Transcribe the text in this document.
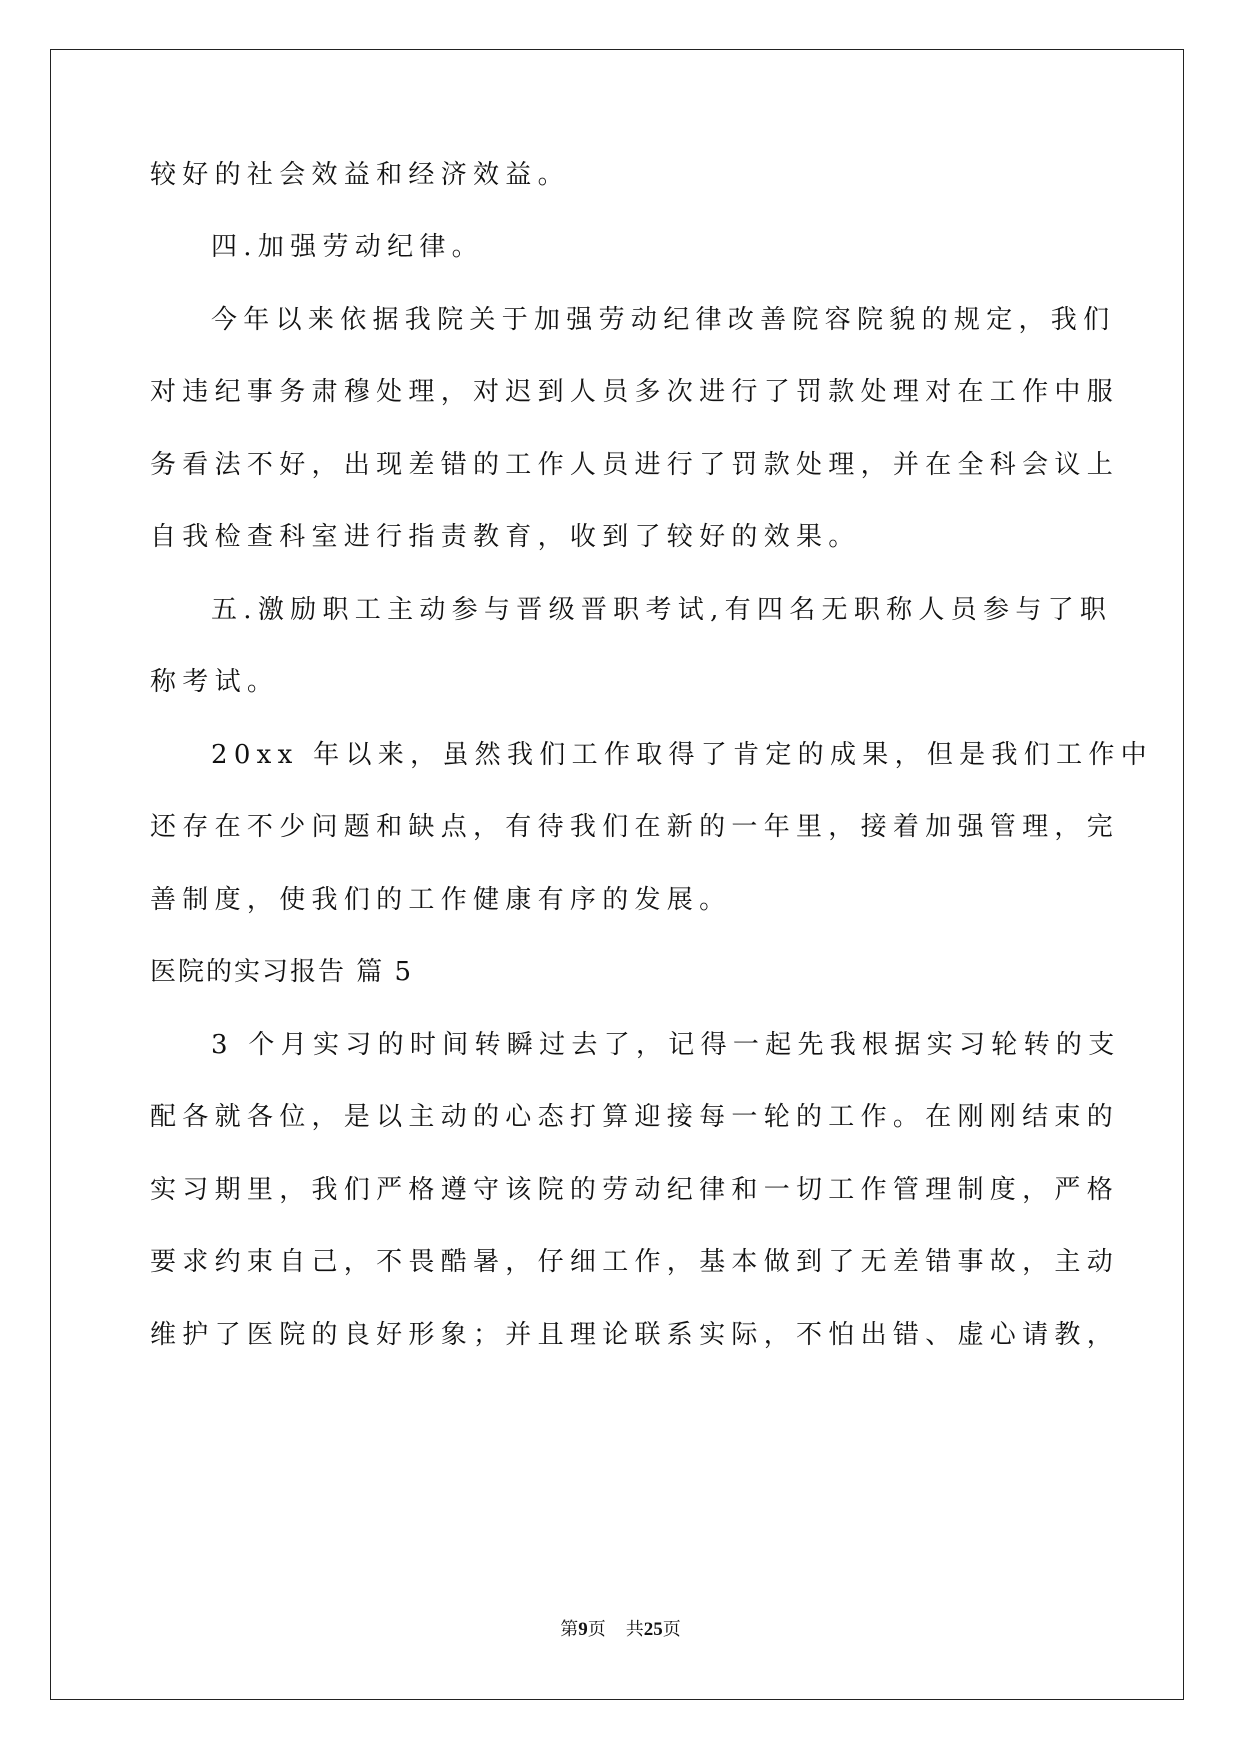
较好的社会效益和经济效益。
四.加强劳动纪律。
今年以来依据我院关于加强劳动纪律改善院容院貌的规定，我们
对违纪事务肃穆处理，对迟到人员多次进行了罚款处理对在工作中服
务看法不好，出现差错的工作人员进行了罚款处理，并在全科会议上
自我检查科室进行指责教育，收到了较好的效果。
五.激励职工主动参与晋级晋职考试,有四名无职称人员参与了职
称考试。
20xx 年以来，虽然我们工作取得了肯定的成果，但是我们工作中
还存在不少问题和缺点，有待我们在新的一年里，接着加强管理，完
善制度，使我们的工作健康有序的发展。
医院的实习报告 篇 5
3 个月实习的时间转瞬过去了，记得一起先我根据实习轮转的支
配各就各位，是以主动的心态打算迎接每一轮的工作。在刚刚结束的
实习期里，我们严格遵守该院的劳动纪律和一切工作管理制度，严格
要求约束自己，不畏酷暑，仔细工作，基本做到了无差错事故，主动
维护了医院的良好形象；并且理论联系实际，不怕出错、虚心请教，
第9页 共25页
